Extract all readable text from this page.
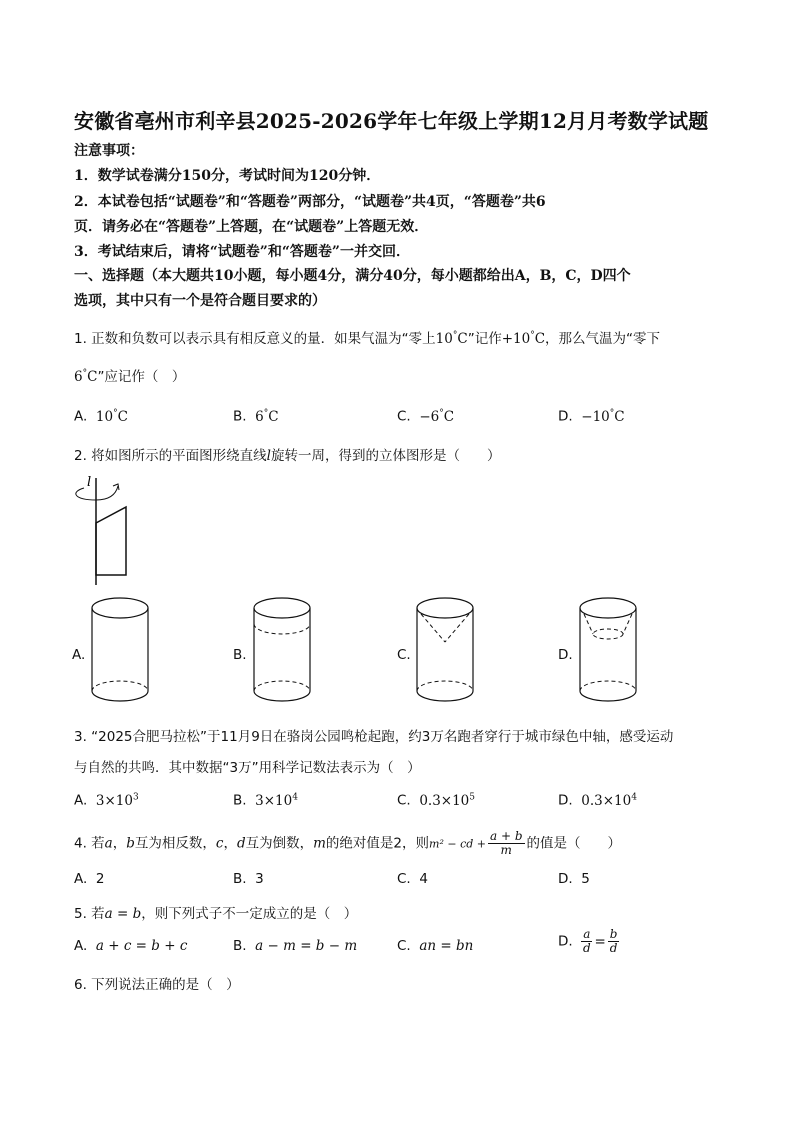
安徽省亳州市利辛县2025-2026学年七年级上学期12月月考数学试题
注意事项：
1．数学试卷满分150分，考试时间为120分钟．
2．本试卷包括“试题卷”和“答题卷”两部分，“试题卷”共4页，“答题卷”共6
页．请务必在“答题卷”上答题，在“试题卷”上答题无效．
3．考试结束后，请将“试题卷”和“答题卷”一并交回．
一、选择题（本大题共10小题，每小题4分，满分40分，每小题都给出A，B，C，D四个
选项，其中只有一个是符合题目要求的）
1. 正数和负数可以表示具有相反意义的量．如果气温为“零上10°C”记作+10°C，那么气温为“零下
6°C”应记作（　）
A. 10°C	B. 6°C	C. −6°C	D. −10°C
2. 将如图所示的平面图形绕直线l旋转一周，得到的立体图形是（　　）
l
A.	B.	C.	D.
3. “2025合肥马拉松”于11月9日在骆岗公园鸣枪起跑，约3万名跑者穿行于城市绿色中轴，感受运动
与自然的共鸣．其中数据“3万”用科学记数法表示为（　）
A. $3\times 10^3$	B. $3\times 10^4$	C. $0.3\times 10^5$	D. $0.3\times 10^4$
4. 若a，b互为相反数，c，d互为倒数，m的绝对值是2，则m² − cd + $\frac{a + b}{m}$ 的值是（　　）
A. 2	B. 3	C. 4	D. 5
5. 若a = b，则下列式子不一定成立的是（　）
A. a + c = b + c	B. a − m = b − m	C. an = bn	D. $\frac{a}{d} = \frac{b}{d}$
6. 下列说法正确的是（　）
